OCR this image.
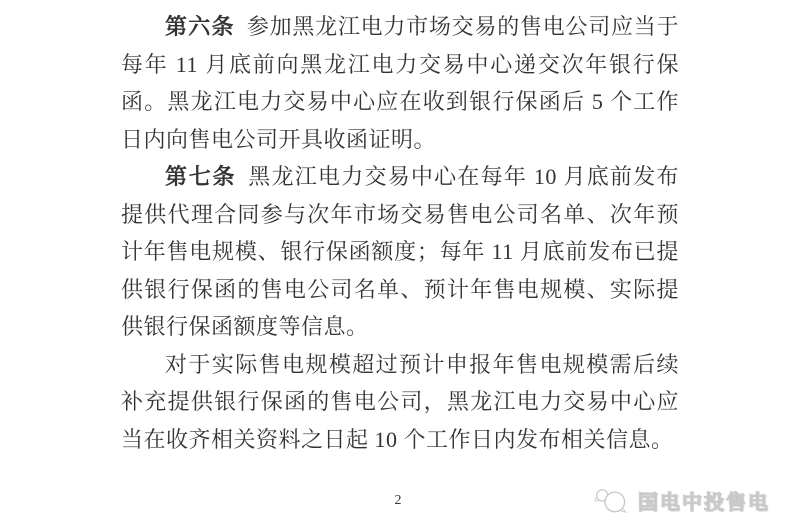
第六条 参加黑龙江电力市场交易的售电公司应当于每年 11 月底前向黑龙江电力交易中心递交次年银行保函。黑龙江电力交易中心应在收到银行保函后 5 个工作日内向售电公司开具收函证明。

第七条 黑龙江电力交易中心在每年 10 月底前发布提供代理合同参与次年市场交易售电公司名单、次年预计年售电规模、银行保函额度；每年 11 月底前发布已提供银行保函的售电公司名单、预计年售电规模、实际提供银行保函额度等信息。

对于实际售电规模超过预计申报年售电规模需后续补充提供银行保函的售电公司，黑龙江电力交易中心应当在收齐相关资料之日起 10 个工作日内发布相关信息。

2	国电中投售电
